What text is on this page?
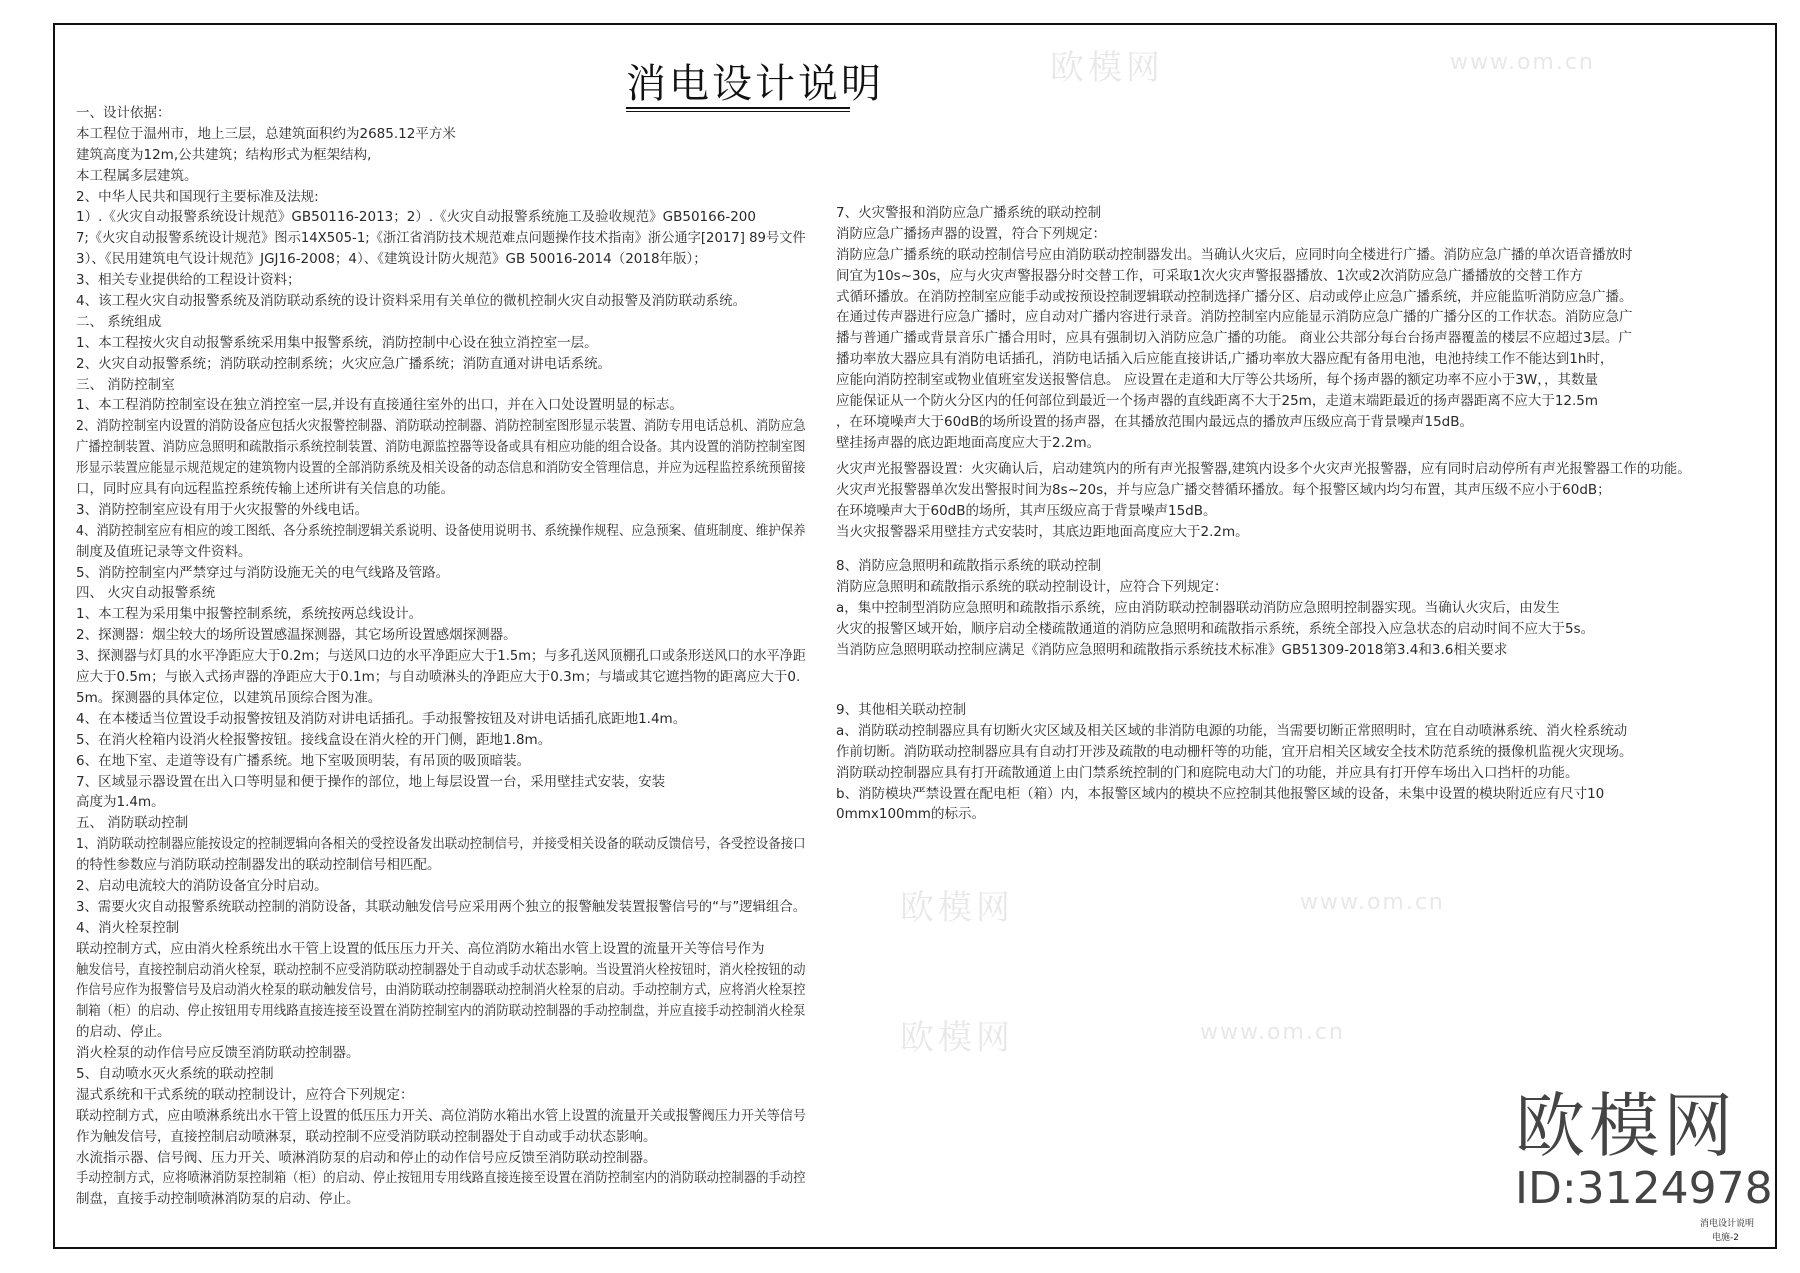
欧模网	www.om.cn
欧模网	www.om.cn
欧模网	www.om.cn
消电设计说明
一、设计依据：
本工程位于温州市，地上三层，总建筑面积约为2685.12平方米
建筑高度为12m,公共建筑；结构形式为框架结构,
本工程属多层建筑。
2、中华人民共和国现行主要标准及法规:
1）.《火灾自动报警系统设计规范》GB50116-2013；2）.《火灾自动报警系统施工及验收规范》GB50166-200
7;《火灾自动报警系统设计规范》图示14X505-1;《浙江省消防技术规范难点问题操作技术指南》浙公通字[2017] 89号文件
3）、《民用建筑电气设计规范》JGJ16-2008；4）、《建筑设计防火规范》GB 50016-2014（2018年版）；
3、相关专业提供给的工程设计资料；
4、该工程火灾自动报警系统及消防联动系统的设计资料采用有关单位的微机控制火灾自动报警及消防联动系统。
二、 系统组成
1、本工程按火灾自动报警系统采用集中报警系统，消防控制中心设在独立消控室一层。
2、火灾自动报警系统；消防联动控制系统；火灾应急广播系统；消防直通对讲电话系统。
三、 消防控制室
1、本工程消防控制室设在独立消控室一层,并设有直接通往室外的出口，并在入口处设置明显的标志。
2、消防控制室内设置的消防设备应包括火灾报警控制器、消防联动控制器、消防控制室图形显示装置、消防专用电话总机、消防应急
广播控制装置、消防应急照明和疏散指示系统控制装置、消防电源监控器等设备或具有相应功能的组合设备。其内设置的消防控制室图
形显示装置应能显示规范规定的建筑物内设置的全部消防系统及相关设备的动态信息和消防安全管理信息，并应为远程监控系统预留接
口，同时应具有向远程监控系统传输上述所讲有关信息的功能。
3、消防控制室应设有用于火灾报警的外线电话。
4、消防控制室应有相应的竣工图纸、各分系统控制逻辑关系说明、设备使用说明书、系统操作规程、应急预案、值班制度、维护保养
制度及值班记录等文件资料。
5、消防控制室内严禁穿过与消防设施无关的电气线路及管路。
四、 火灾自动报警系统
1、本工程为采用集中报警控制系统，系统按两总线设计。
2、探测器：烟尘较大的场所设置感温探测器，其它场所设置感烟探测器。
3、探测器与灯具的水平净距应大于0.2m；与送风口边的水平净距应大于1.5m；与多孔送风顶棚孔口或条形送风口的水平净距
应大于0.5m；与嵌入式扬声器的净距应大于0.1m；与自动喷淋头的净距应大于0.3m；与墙或其它遮挡物的距离应大于0.
5m。探测器的具体定位，以建筑吊顶综合图为准。
4、在本楼适当位置设手动报警按钮及消防对讲电话插孔。手动报警按钮及对讲电话插孔底距地1.4m。
5、在消火栓箱内设消火栓报警按钮。接线盒设在消火栓的开门侧，距地1.8m。
6、在地下室、走道等设有广播系统。地下室吸顶明装，有吊顶的吸顶暗装。
7、区域显示器设置在出入口等明显和便于操作的部位，地上每层设置一台，采用壁挂式安装，安装
高度为1.4m。
五、 消防联动控制
1、消防联动控制器应能按设定的控制逻辑向各相关的受控设备发出联动控制信号，并接受相关设备的联动反馈信号，各受控设备接口
的特性参数应与消防联动控制器发出的联动控制信号相匹配。
2、启动电流较大的消防设备宜分时启动。
3、需要火灾自动报警系统联动控制的消防设备，其联动触发信号应采用两个独立的报警触发装置报警信号的“与”逻辑组合。
4、消火栓泵控制
联动控制方式，应由消火栓系统出水干管上设置的低压压力开关、高位消防水箱出水管上设置的流量开关等信号作为
触发信号，直接控制启动消火栓泵，联动控制不应受消防联动控制器处于自动或手动状态影响。当设置消火栓按钮时，消火栓按钮的动
作信号应作为报警信号及启动消火栓泵的联动触发信号，由消防联动控制器联动控制消火栓泵的启动。手动控制方式，应将消火栓泵控
制箱（柜）的启动、停止按钮用专用线路直接连接至设置在消防控制室内的消防联动控制器的手动控制盘，并应直接手动控制消火栓泵
的启动、停止。
消火栓泵的动作信号应反馈至消防联动控制器。
5、自动喷水灭火系统的联动控制
湿式系统和干式系统的联动控制设计，应符合下列规定：
联动控制方式，应由喷淋系统出水干管上设置的低压压力开关、高位消防水箱出水管上设置的流量开关或报警阀压力开关等信号
作为触发信号，直接控制启动喷淋泵，联动控制不应受消防联动控制器处于自动或手动状态影响。
水流指示器、信号阀、压力开关、喷淋消防泵的启动和停止的动作信号应反馈至消防联动控制器。
手动控制方式，应将喷淋消防泵控制箱（柜）的启动、停止按钮用专用线路直接连接至设置在消防控制室内的消防联动控制器的手动控
制盘，直接手动控制喷淋消防泵的启动、停止。
7、火灾警报和消防应急广播系统的联动控制
消防应急广播扬声器的设置，符合下列规定：
消防应急广播系统的联动控制信号应由消防联动控制器发出。当确认火灾后，应同时向全楼进行广播。消防应急广播的单次语音播放时
间宜为10s~30s，应与火灾声警报器分时交替工作，可采取1次火灾声警报器播放、1次或2次消防应急广播播放的交替工作方
式循环播放。在消防控制室应能手动或按预设控制逻辑联动控制选择广播分区、启动或停止应急广播系统，并应能监听消防应急广播。
在通过传声器进行应急广播时，应自动对广播内容进行录音。消防控制室内应能显示消防应急广播的广播分区的工作状态。消防应急广
播与普通广播或背景音乐广播合用时，应具有强制切入消防应急广播的功能。 商业公共部分每台台扬声器覆盖的楼层不应超过3层。广
播功率放大器应具有消防电话插孔，消防电话插入后应能直接讲话,广播功率放大器应配有备用电池，电池持续工作不能达到1h时，
应能向消防控制室或物业值班室发送报警信息。 应设置在走道和大厅等公共场所，每个扬声器的额定功率不应小于3W，，其数量
应能保证从一个防火分区内的任何部位到最近一个扬声器的直线距离不大于25m，走道末端距最近的扬声器距离不应大于12.5m
，在环境噪声大于60dB的场所设置的扬声器，在其播放范围内最远点的播放声压级应高于背景噪声15dB。
壁挂扬声器的底边距地面高度应大于2.2m。
火灾声光报警器设置：火灾确认后，启动建筑内的所有声光报警器,建筑内设多个火灾声光报警器，应有同时启动停所有声光报警器工作的功能。
火灾声光报警器单次发出警报时间为8s~20s，并与应急广播交替循环播放。每个报警区域内均匀布置，其声压级不应小于60dB；
在环境噪声大于60dB的场所，其声压级应高于背景噪声15dB。
当火灾报警器采用壁挂方式安装时，其底边距地面高度应大于2.2m。
8、消防应急照明和疏散指示系统的联动控制
消防应急照明和疏散指示系统的联动控制设计，应符合下列规定：
a，集中控制型消防应急照明和疏散指示系统，应由消防联动控制器联动消防应急照明控制器实现。当确认火灾后，由发生
火灾的报警区域开始，顺序启动全楼疏散通道的消防应急照明和疏散指示系统，系统全部投入应急状态的启动时间不应大于5s。
当消防应急照明联动控制应满足《消防应急照明和疏散指示系统技术标准》GB51309-2018第3.4和3.6相关要求
9、其他相关联动控制
a、消防联动控制器应具有切断火灾区域及相关区域的非消防电源的功能，当需要切断正常照明时，宜在自动喷淋系统、消火栓系统动
作前切断。消防联动控制器应具有自动打开涉及疏散的电动栅杆等的功能，宜开启相关区域安全技术防范系统的摄像机监视火灾现场。
消防联动控制器应具有打开疏散通道上由门禁系统控制的门和庭院电动大门的功能，并应具有打开停车场出入口挡杆的功能。
b、消防模块严禁设置在配电柜（箱）内，本报警区域内的模块不应控制其他报警区域的设备，未集中设置的模块附近应有尺寸10
0mmx100mm的标示。
欧模网
ID:3124978
消电设计说明
电施-2
